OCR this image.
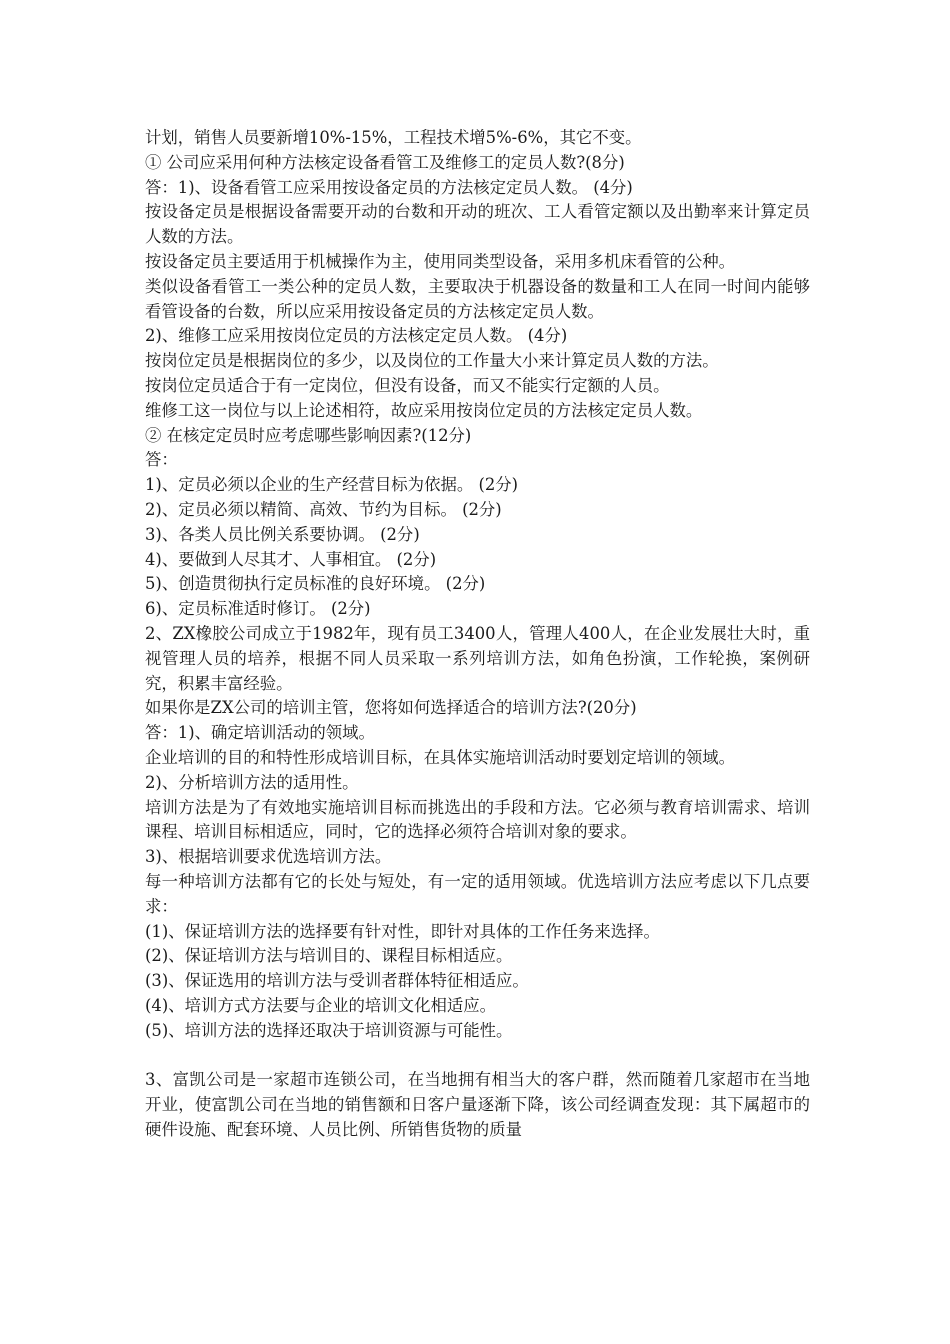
计划，销售人员要新增10%-15%，工程技术增5%-6%，其它不变。

① 公司应采用何种方法核定设备看管工及维修工的定员人数?(8分)

答：1)、设备看管工应采用按设备定员的方法核定定员人数。 (4分)

按设备定员是根据设备需要开动的台数和开动的班次、工人看管定额以及出勤率来计算定员人数的方法。

按设备定员主要适用于机械操作为主，使用同类型设备，采用多机床看管的公种。

类似设备看管工一类公种的定员人数，主要取决于机器设备的数量和工人在同一时间内能够看管设备的台数，所以应采用按设备定员的方法核定定员人数。

2)、维修工应采用按岗位定员的方法核定定员人数。 (4分)

按岗位定员是根据岗位的多少，以及岗位的工作量大小来计算定员人数的方法。

按岗位定员适合于有一定岗位，但没有设备，而又不能实行定额的人员。

维修工这一岗位与以上论述相符，故应采用按岗位定员的方法核定定员人数。

② 在核定定员时应考虑哪些影响因素?(12分)

答：

1)、定员必须以企业的生产经营目标为依据。 (2分)

2)、定员必须以精简、高效、节约为目标。 (2分)

3)、各类人员比例关系要协调。 (2分)

4)、要做到人尽其才、人事相宜。 (2分)

5)、创造贯彻执行定员标准的良好环境。 (2分)

6)、定员标准适时修订。 (2分)

2、ZX橡胶公司成立于1982年，现有员工3400人，管理人400人，在企业发展壮大时，重视管理人员的培养，根据不同人员采取一系列培训方法，如角色扮演，工作轮换，案例研究，积累丰富经验。

如果你是ZX公司的培训主管，您将如何选择适合的培训方法?(20分)

答：1)、确定培训活动的领域。

企业培训的目的和特性形成培训目标，在具体实施培训活动时要划定培训的领域。

2)、分析培训方法的适用性。

培训方法是为了有效地实施培训目标而挑选出的手段和方法。它必须与教育培训需求、培训课程、培训目标相适应，同时，它的选择必须符合培训对象的要求。

3)、根据培训要求优选培训方法。

每一种培训方法都有它的长处与短处，有一定的适用领域。优选培训方法应考虑以下几点要求：

(1)、保证培训方法的选择要有针对性，即针对具体的工作任务来选择。

(2)、保证培训方法与培训目的、课程目标相适应。

(3)、保证选用的培训方法与受训者群体特征相适应。

(4)、培训方式方法要与企业的培训文化相适应。

(5)、培训方法的选择还取决于培训资源与可能性。

3、富凯公司是一家超市连锁公司，在当地拥有相当大的客户群，然而随着几家超市在当地开业，使富凯公司在当地的销售额和日客户量逐渐下降，该公司经调查发现：其下属超市的硬件设施、配套环境、人员比例、所销售货物的质量
